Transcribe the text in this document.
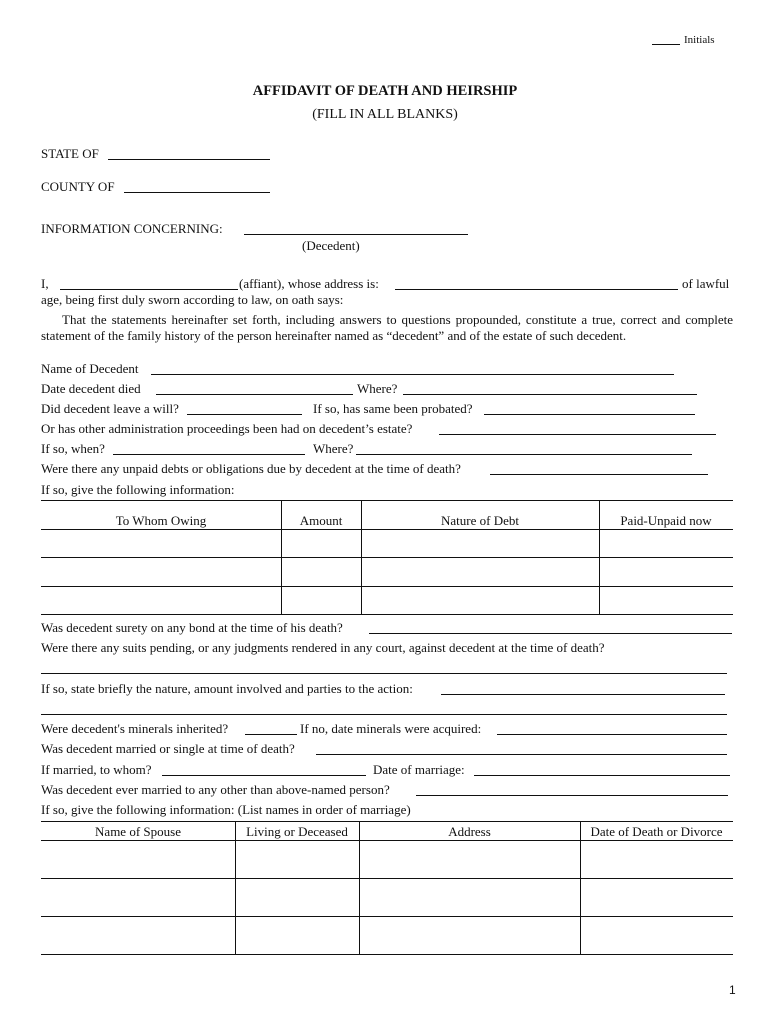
Initials
AFFIDAVIT OF DEATH AND HEIRSHIP
(FILL IN ALL BLANKS)
STATE OF
COUNTY OF
INFORMATION CONCERNING:
(Decedent)
I,	(affiant), whose address is:	of lawful
age, being first duly sworn according to law, on oath says:
That the statements hereinafter set forth, including answers to questions propounded, constitute a true, correct and complete statement of the family history of the person hereinafter named as “decedent” and of the estate of such decedent.
Name of Decedent
Date decedent died	Where?
Did decedent leave a will?	If so, has same been probated?
Or has other administration proceedings been had on decedent’s estate?
If so, when?	Where?
Were there any unpaid debts or obligations due by decedent at the time of death?
If so, give the following information:
To Whom Owing	Amount	Nature of Debt	Paid-Unpaid now
Was decedent surety on any bond at the time of his death?
Were there any suits pending, or any judgments rendered in any court, against decedent at the time of death?
If so, state briefly the nature, amount involved and parties to the action:
Were decedent's minerals inherited?	If no, date minerals were acquired:
Was decedent married or single at time of death?
If married, to whom?	Date of marriage:
Was decedent ever married to any other than above-named person?
If so, give the following information: (List names in order of marriage)
Name of Spouse	Living or Deceased	Address	Date of Death or Divorce
1
